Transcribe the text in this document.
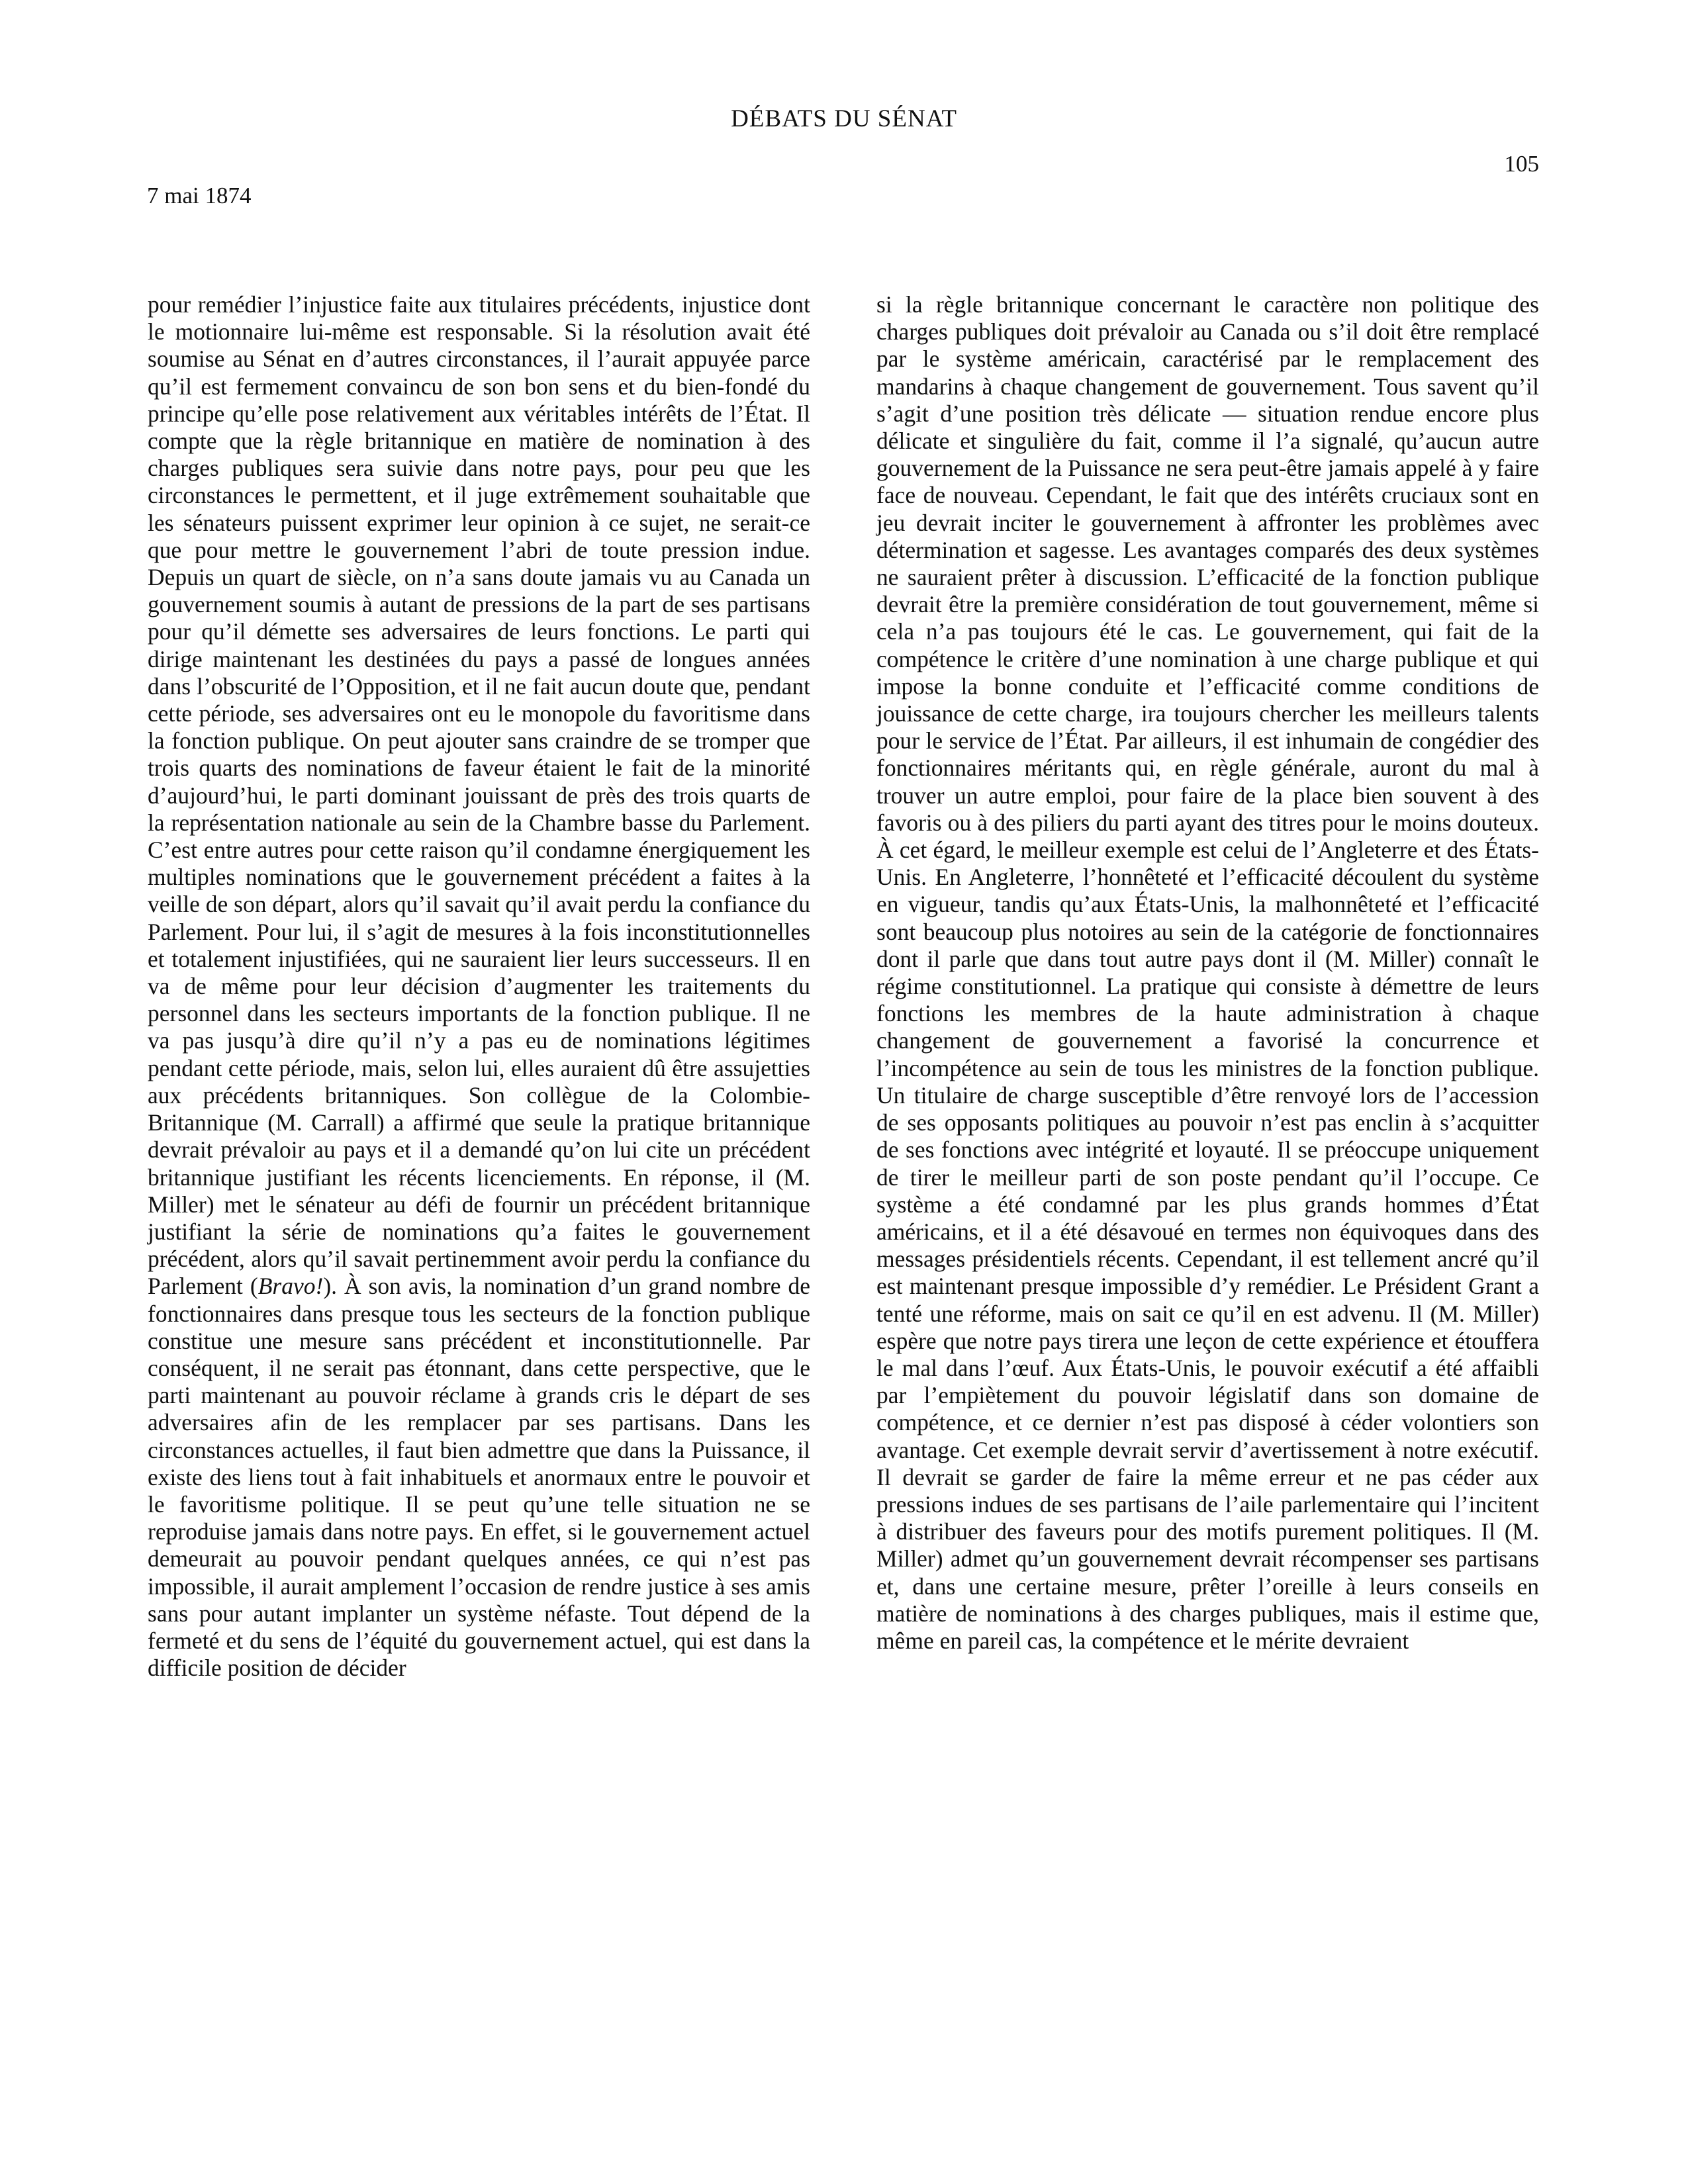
DÉBATS DU SÉNAT
105
7 mai 1874

pour remédier l’injustice faite aux titulaires précédents, injustice dont le motionnaire lui-même est responsable. Si la résolution avait été soumise au Sénat en d’autres circonstances, il l’aurait appuyée parce qu’il est fermement convaincu de son bon sens et du bien-fondé du principe qu’elle pose relativement aux véritables intérêts de l’État. Il compte que la règle britannique en matière de nomination à des charges publiques sera suivie dans notre pays, pour peu que les circonstances le permettent, et il juge extrêmement souhaitable que les sénateurs puissent exprimer leur opinion à ce sujet, ne serait-ce que pour mettre le gouvernement l’abri de toute pression indue. Depuis un quart de siècle, on n’a sans doute jamais vu au Canada un gouvernement soumis à autant de pressions de la part de ses partisans pour qu’il démette ses adversaires de leurs fonctions. Le parti qui dirige maintenant les destinées du pays a passé de longues années dans l’obscurité de l’Opposition, et il ne fait aucun doute que, pendant cette période, ses adversaires ont eu le monopole du favoritisme dans la fonction publique. On peut ajouter sans craindre de se tromper que trois quarts des nominations de faveur étaient le fait de la minorité d’aujourd’hui, le parti dominant jouissant de près des trois quarts de la représentation nationale au sein de la Chambre basse du Parlement. C’est entre autres pour cette raison qu’il condamne énergiquement les multiples nominations que le gouvernement précédent a faites à la veille de son départ, alors qu’il savait qu’il avait perdu la confiance du Parlement. Pour lui, il s’agit de mesures à la fois inconstitutionnelles et totalement injustifiées, qui ne sauraient lier leurs successeurs. Il en va de même pour leur décision d’augmenter les traitements du personnel dans les secteurs importants de la fonction publique. Il ne va pas jusqu’à dire qu’il n’y a pas eu de nominations légitimes pendant cette période, mais, selon lui, elles auraient dû être assujetties aux précédents britanniques. Son collègue de la Colombie-Britannique (M. Carrall) a affirmé que seule la pratique britannique devrait prévaloir au pays et il a demandé qu’on lui cite un précédent britannique justifiant les récents licenciements. En réponse, il (M. Miller) met le sénateur au défi de fournir un précédent britannique justifiant la série de nominations qu’a faites le gouvernement précédent, alors qu’il savait pertinemment avoir perdu la confiance du Parlement (Bravo!). À son avis, la nomination d’un grand nombre de fonctionnaires dans presque tous les secteurs de la fonction publique constitue une mesure sans précédent et inconstitutionnelle. Par conséquent, il ne serait pas étonnant, dans cette perspective, que le parti maintenant au pouvoir réclame à grands cris le départ de ses adversaires afin de les remplacer par ses partisans. Dans les circonstances actuelles, il faut bien admettre que dans la Puissance, il existe des liens tout à fait inhabituels et anormaux entre le pouvoir et le favoritisme politique. Il se peut qu’une telle situation ne se reproduise jamais dans notre pays. En effet, si le gouvernement actuel demeurait au pouvoir pendant quelques années, ce qui n’est pas impossible, il aurait amplement l’occasion de rendre justice à ses amis sans pour autant implanter un système néfaste. Tout dépend de la fermeté et du sens de l’équité du gouvernement actuel, qui est dans la difficile position de décider

si la règle britannique concernant le caractère non politique des charges publiques doit prévaloir au Canada ou s’il doit être remplacé par le système américain, caractérisé par le remplacement des mandarins à chaque changement de gouvernement. Tous savent qu’il s’agit d’une position très délicate — situation rendue encore plus délicate et singulière du fait, comme il l’a signalé, qu’aucun autre gouvernement de la Puissance ne sera peut-être jamais appelé à y faire face de nouveau. Cependant, le fait que des intérêts cruciaux sont en jeu devrait inciter le gouvernement à affronter les problèmes avec détermination et sagesse. Les avantages comparés des deux systèmes ne sauraient prêter à discussion. L’efficacité de la fonction publique devrait être la première considération de tout gouvernement, même si cela n’a pas toujours été le cas. Le gouvernement, qui fait de la compétence le critère d’une nomination à une charge publique et qui impose la bonne conduite et l’efficacité comme conditions de jouissance de cette charge, ira toujours chercher les meilleurs talents pour le service de l’État. Par ailleurs, il est inhumain de congédier des fonctionnaires méritants qui, en règle générale, auront du mal à trouver un autre emploi, pour faire de la place bien souvent à des favoris ou à des piliers du parti ayant des titres pour le moins douteux. À cet égard, le meilleur exemple est celui de l’Angleterre et des États-Unis. En Angleterre, l’honnêteté et l’efficacité découlent du système en vigueur, tandis qu’aux États-Unis, la malhonnêteté et l’efficacité sont beaucoup plus notoires au sein de la catégorie de fonctionnaires dont il parle que dans tout autre pays dont il (M. Miller) connaît le régime constitutionnel. La pratique qui consiste à démettre de leurs fonctions les membres de la haute administration à chaque changement de gouvernement a favorisé la concurrence et l’incompétence au sein de tous les ministres de la fonction publique. Un titulaire de charge susceptible d’être renvoyé lors de l’accession de ses opposants politiques au pouvoir n’est pas enclin à s’acquitter de ses fonctions avec intégrité et loyauté. Il se préoccupe uniquement de tirer le meilleur parti de son poste pendant qu’il l’occupe. Ce système a été condamné par les plus grands hommes d’État américains, et il a été désavoué en termes non équivoques dans des messages présidentiels récents. Cependant, il est tellement ancré qu’il est maintenant presque impossible d’y remédier. Le Président Grant a tenté une réforme, mais on sait ce qu’il en est advenu. Il (M. Miller) espère que notre pays tirera une leçon de cette expérience et étouffera le mal dans l’œuf. Aux États-Unis, le pouvoir exécutif a été affaibli par l’empiètement du pouvoir législatif dans son domaine de compétence, et ce dernier n’est pas disposé à céder volontiers son avantage. Cet exemple devrait servir d’avertissement à notre exécutif. Il devrait se garder de faire la même erreur et ne pas céder aux pressions indues de ses partisans de l’aile parlementaire qui l’incitent à distribuer des faveurs pour des motifs purement politiques. Il (M. Miller) admet qu’un gouvernement devrait récompenser ses partisans et, dans une certaine mesure, prêter l’oreille à leurs conseils en matière de nominations à des charges publiques, mais il estime que, même en pareil cas, la compétence et le mérite devraient
